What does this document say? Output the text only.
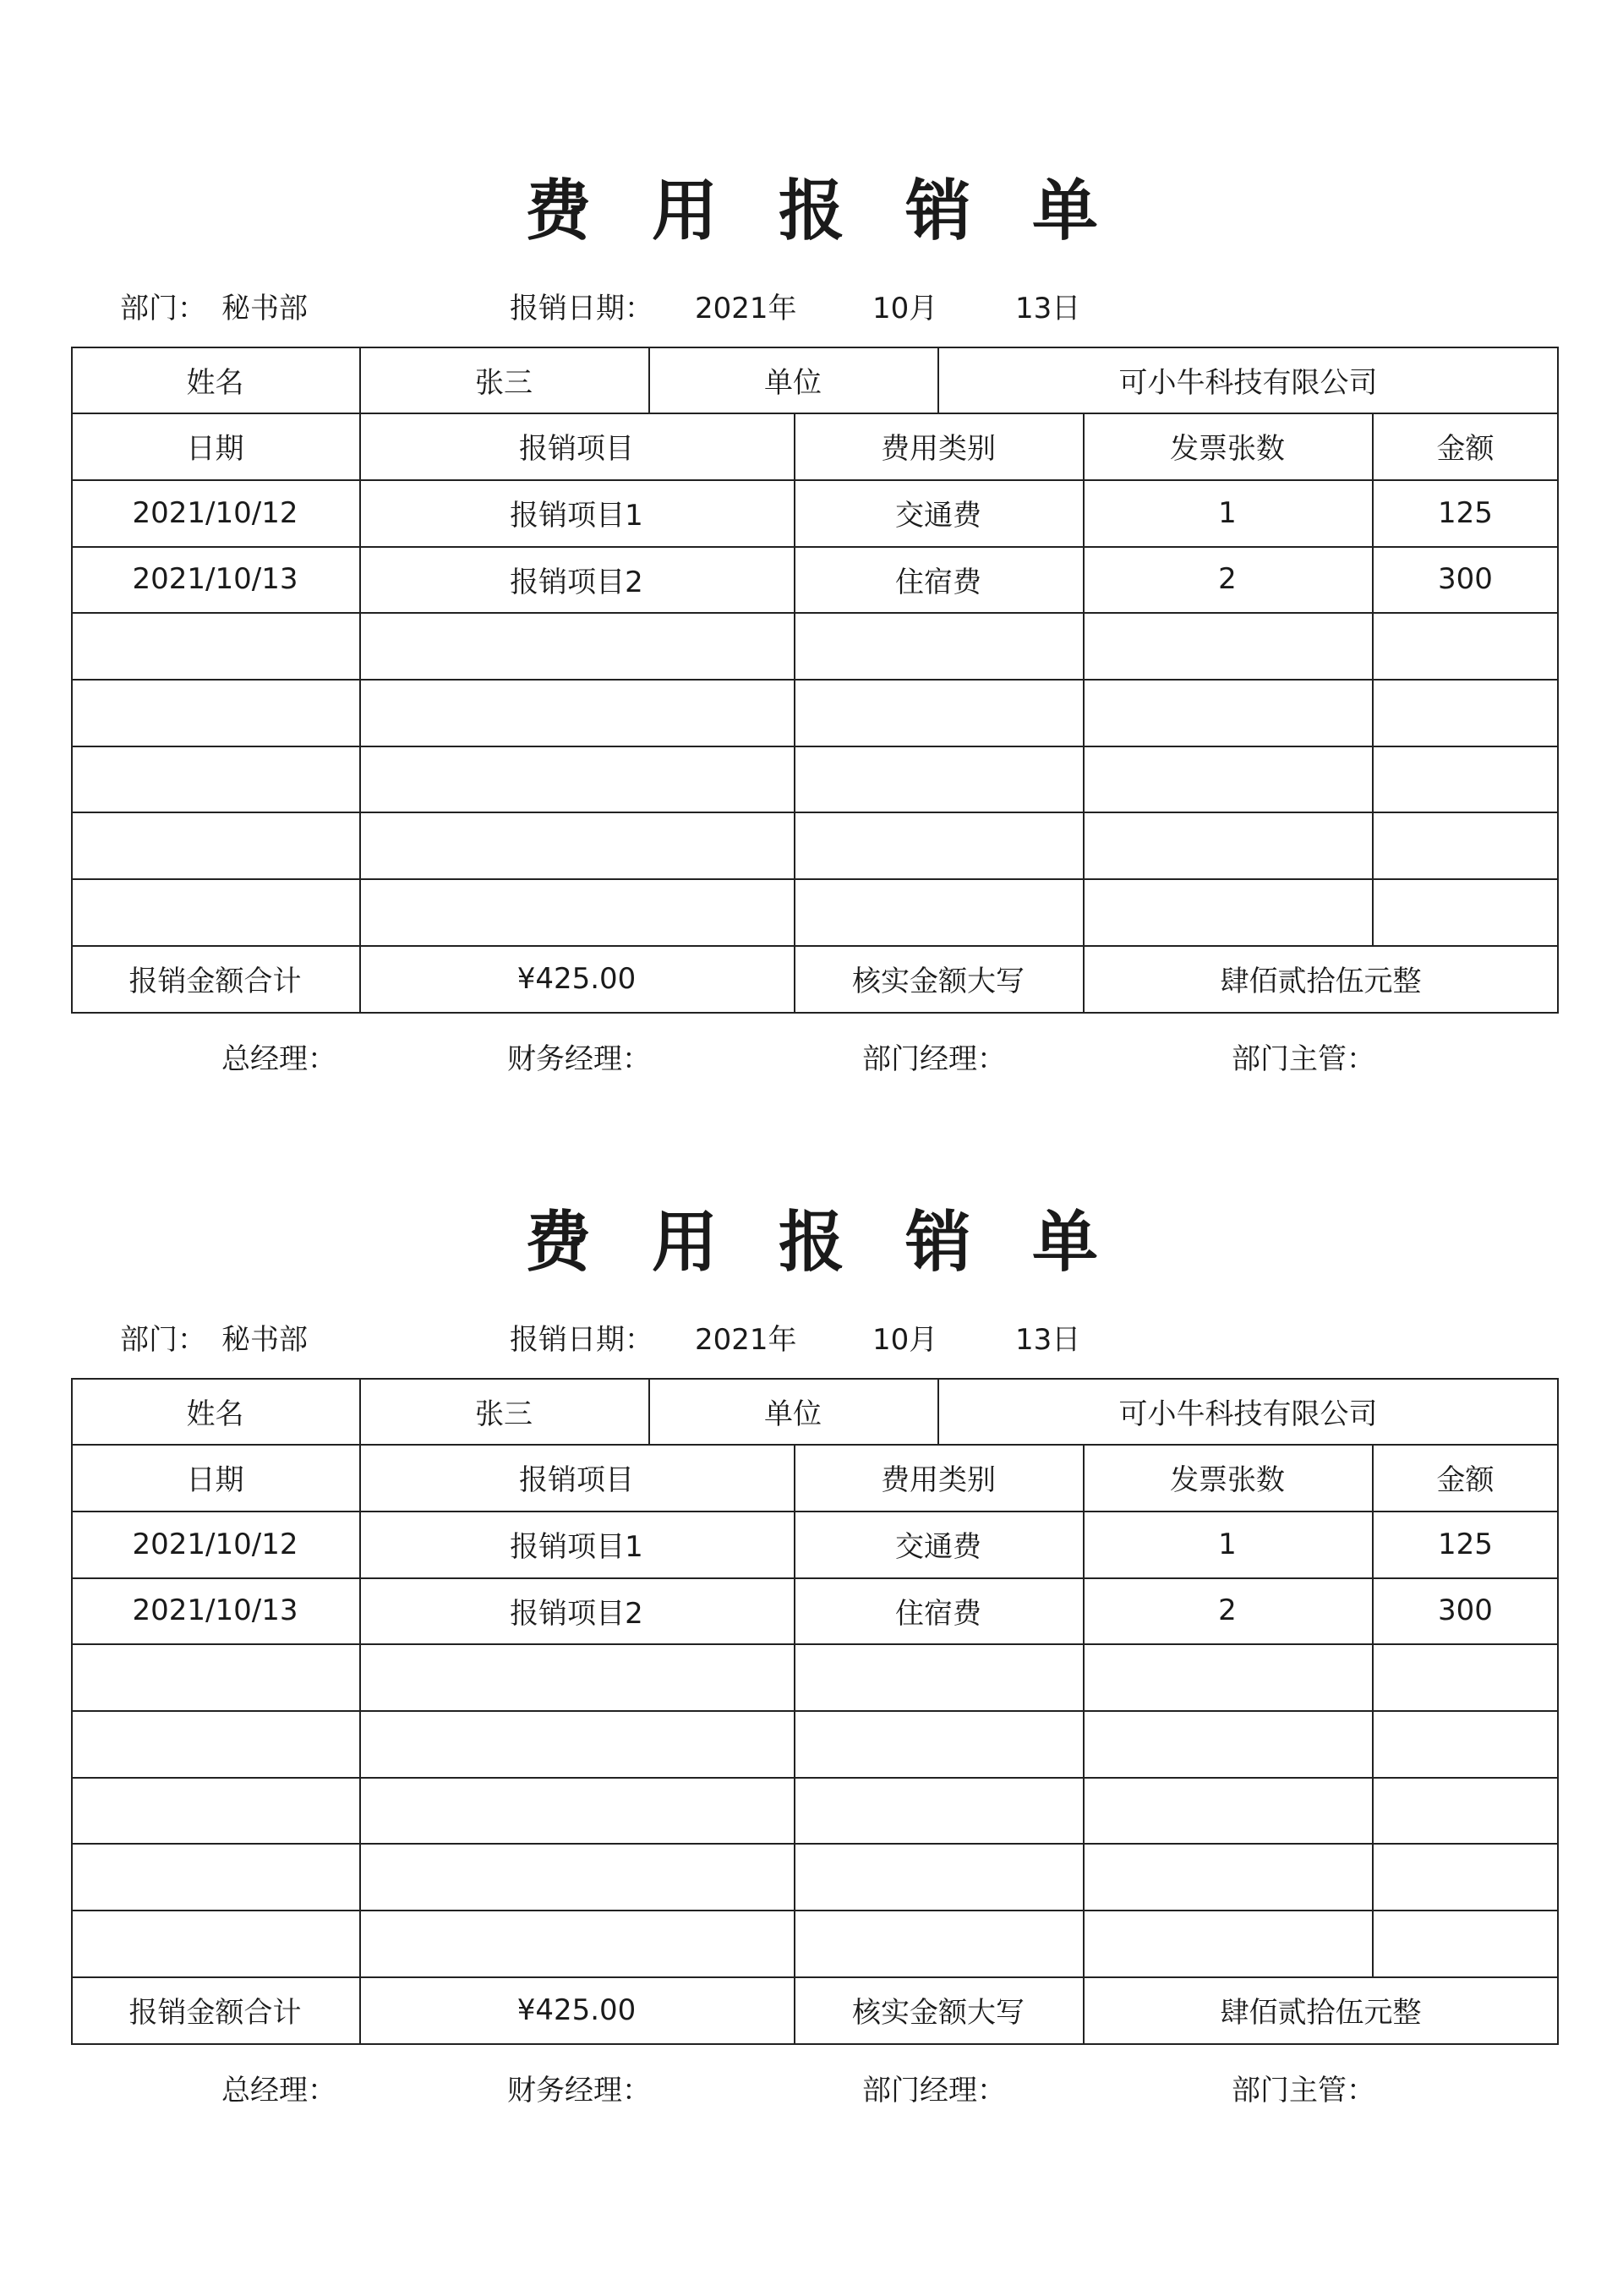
费 用 报 销 单
部门： 秘书部	报销日期： 2021年	10月	13日
姓名	张三	单位	可小牛科技有限公司
日期	报销项目	费用类别	发票张数	金额
2021/10/12	报销项目1	交通费	1	125
2021/10/13	报销项目2	住宿费	2	300
报销金额合计	¥425.00	核实金额大写	肆佰贰拾伍元整
总经理：	财务经理：	部门经理：	部门主管：
费 用 报 销 单
部门： 秘书部	报销日期： 2021年	10月	13日
姓名	张三	单位	可小牛科技有限公司
日期	报销项目	费用类别	发票张数	金额
2021/10/12	报销项目1	交通费	1	125
2021/10/13	报销项目2	住宿费	2	300
报销金额合计	¥425.00	核实金额大写	肆佰贰拾伍元整
总经理：	财务经理：	部门经理：	部门主管：
